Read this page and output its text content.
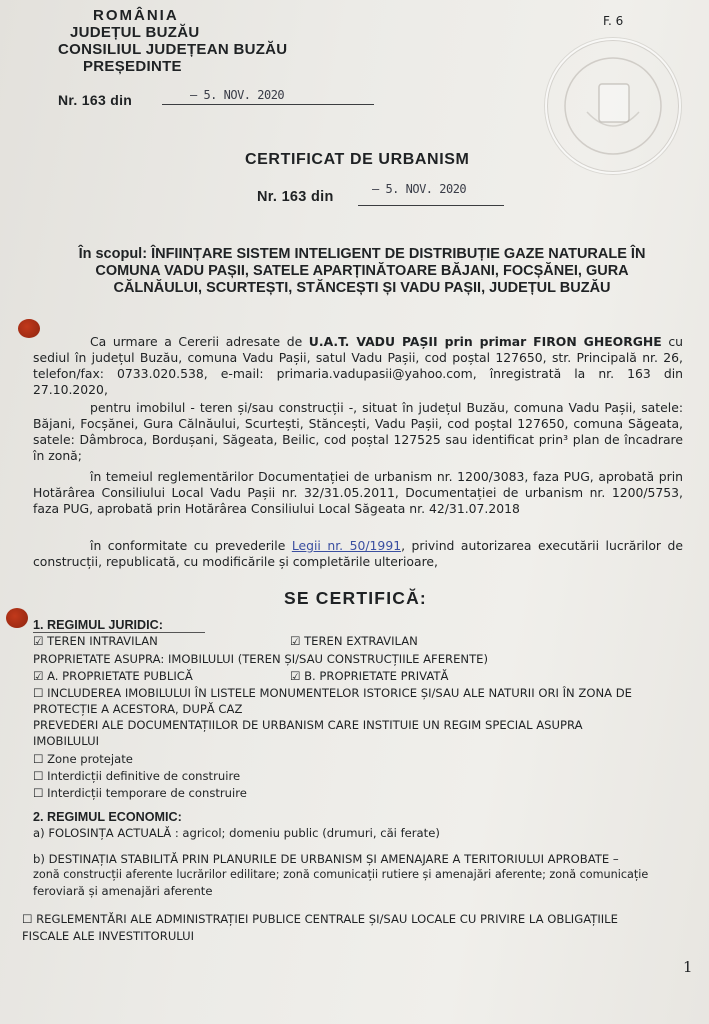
ROMÂNIA
JUDEȚUL BUZĂU
CONSILIUL JUDEȚEAN BUZĂU
PREȘEDINTE
F. 6
Nr. 163 din	– 5. NOV. 2020
CERTIFICAT DE URBANISM
Nr. 163 din	– 5. NOV. 2020
În scopul: ÎNFIINȚARE SISTEM INTELIGENT DE DISTRIBUȚIE GAZE NATURALE ÎN COMUNA VADU PAȘII, SATELE APARȚINĂTOARE BĂJANI, FOCȘĂNEI, GURA CĂLNĂULUI, SCURTEȘTI, STĂNCEȘTI ȘI VADU PAȘII, JUDEȚUL BUZĂU
Ca urmare a Cererii adresate de U.A.T. VADU PAȘII prin primar FIRON GHEORGHE cu sediul în județul Buzău, comuna Vadu Pașii, satul Vadu Pașii, cod poștal 127650, str. Principală nr. 26, telefon/fax: 0733.020.538, e-mail: primaria.vadupasii@yahoo.com, înregistrată la nr. 163 din 27.10.2020,
pentru imobilul - teren și/sau construcții -, situat în județul Buzău, comuna Vadu Pașii, satele: Băjani, Focșănei, Gura Călnăului, Scurtești, Stăncești, Vadu Pașii, cod poștal 127650, comuna Săgeata, satele: Dâmbroca, Bordușani, Săgeata, Beilic, cod poștal 127525 sau identificat prin³ plan de încadrare în zonă;
în temeiul reglementărilor Documentației de urbanism nr. 1200/3083, faza PUG, aprobată prin Hotărârea Consiliului Local Vadu Pașii nr. 32/31.05.2011, Documentației de urbanism nr. 1200/5753, faza PUG, aprobată prin Hotărârea Consiliului Local Săgeata nr. 42/31.07.2018
în conformitate cu prevederile Legii nr. 50/1991, privind autorizarea executării lucrărilor de construcții, republicată, cu modificările și completările ulterioare,
SE CERTIFICĂ:
1. REGIMUL JURIDIC:
☑ TEREN INTRAVILAN	☑ TEREN EXTRAVILAN
PROPRIETATE ASUPRA: IMOBILULUI (TEREN ȘI/SAU CONSTRUCȚIILE AFERENTE)
☑ A. PROPRIETATE PUBLICĂ	☑ B. PROPRIETATE PRIVATĂ
☐ INCLUDEREA IMOBILULUI ÎN LISTELE MONUMENTELOR ISTORICE ȘI/SAU ALE NATURII ORI ÎN ZONA DE
PROTECȚIE A ACESTORA, DUPĂ CAZ
PREVEDERI ALE DOCUMENTAȚIILOR DE URBANISM CARE INSTITUIE UN REGIM SPECIAL ASUPRA
IMOBILULUI
☐ Zone protejate
☐ Interdicții definitive de construire
☐ Interdicții temporare de construire
2. REGIMUL ECONOMIC:
a) FOLOSINȚA ACTUALĂ : agricol; domeniu public (drumuri, căi ferate)
b) DESTINAȚIA STABILITĂ PRIN PLANURILE DE URBANISM ȘI AMENAJARE A TERITORIULUI APROBATE –
zonă construcții aferente lucrărilor edilitare; zonă comunicații rutiere și amenajări aferente; zonă comunicație
feroviară și amenajări aferente
☐ REGLEMENTĂRI ALE ADMINISTRAȚIEI PUBLICE CENTRALE ȘI/SAU LOCALE CU PRIVIRE LA OBLIGAȚIILE
FISCALE ALE INVESTITORULUI
1
